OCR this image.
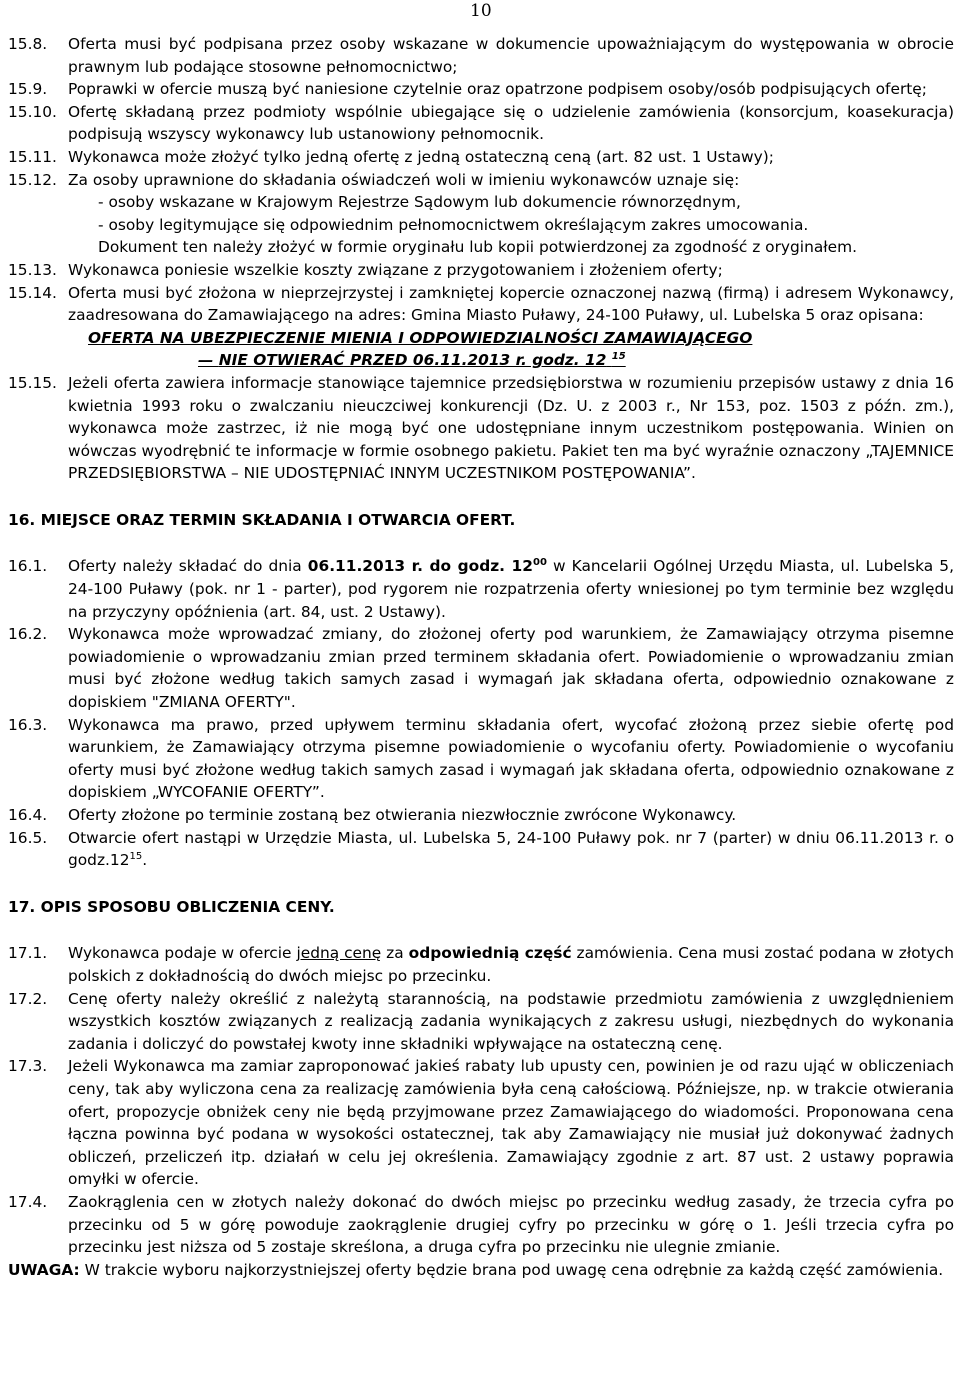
10
15.8.	Oferta musi być podpisana przez osoby wskazane w dokumencie upoważniającym do występowania w obrocie prawnym lub podające stosowne pełnomocnictwo;
15.9.	Poprawki w ofercie muszą być naniesione czytelnie oraz opatrzone podpisem osoby/osób podpisujących ofertę;
15.10. Ofertę składaną przez podmioty wspólnie ubiegające się o udzielenie zamówienia (konsorcjum, koasekuracja) podpisują wszyscy wykonawcy lub ustanowiony pełnomocnik.
15.11. Wykonawca może złożyć tylko jedną ofertę z jedną ostateczną ceną (art. 82 ust. 1 Ustawy);
15.12. Za osoby uprawnione do składania oświadczeń woli w imieniu wykonawców uznaje się:
- osoby wskazane w Krajowym Rejestrze Sądowym lub dokumencie równorzędnym,
- osoby legitymujące się odpowiednim pełnomocnictwem określającym zakres umocowania.
Dokument ten należy złożyć w formie oryginału lub kopii potwierdzonej za zgodność z oryginałem.
15.13. Wykonawca poniesie wszelkie koszty związane z przygotowaniem i złożeniem oferty;
15.14. Oferta musi być złożona w nieprzejrzystej i zamkniętej kopercie oznaczonej nazwą (firmą) i adresem Wykonawcy, zaadresowana do Zamawiającego na adres: Gmina Miasto Puławy, 24-100 Puławy, ul. Lubelska 5 oraz opisana:
OFERTA NA UBEZPIECZENIE MIENIA I ODPOWIEDZIALNOŚCI ZAMAWIAJĄCEGO
— NIE OTWIERAĆ PRZED 06.11.2013 r. godz. 12 $^{15}$
15.15. Jeżeli oferta zawiera informacje stanowiące tajemnice przedsiębiorstwa w rozumieniu przepisów ustawy z dnia 16 kwietnia 1993 roku o zwalczaniu nieuczciwej konkurencji (Dz. U. z 2003 r., Nr 153, poz. 1503 z późn. zm.), wykonawca może zastrzec, iż nie mogą być one udostępniane innym uczestnikom postępowania. Winien on wówczas wyodrębnić te informacje w formie osobnego pakietu. Pakiet ten ma być wyraźnie oznaczony „TAJEMNICE PRZEDSIĘBIORSTWA – NIE UDOSTĘPNIAĆ INNYM UCZESTNIKOM POSTĘPOWANIA”.
16. MIEJSCE ORAZ TERMIN SKŁADANIA I OTWARCIA OFERT.
16.1.	Oferty należy składać do dnia 06.11.2013 r. do godz. $12^{00}$ w Kancelarii Ogólnej Urzędu Miasta, ul. Lubelska 5, 24-100 Puławy (pok. nr 1 - parter), pod rygorem nie rozpatrzenia oferty wniesionej po tym terminie bez względu na przyczyny opóźnienia (art. 84, ust. 2 Ustawy).
16.2.	Wykonawca może wprowadzać zmiany, do złożonej oferty pod warunkiem, że Zamawiający otrzyma pisemne powiadomienie o wprowadzaniu zmian przed terminem składania ofert. Powiadomienie o wprowadzaniu zmian musi być złożone według takich samych zasad i wymagań jak składana oferta, odpowiednio oznakowane z dopiskiem "ZMIANA OFERTY".
16.3.	Wykonawca ma prawo, przed upływem terminu składania ofert, wycofać złożoną przez siebie ofertę pod warunkiem, że Zamawiający otrzyma pisemne powiadomienie o wycofaniu oferty. Powiadomienie o wycofaniu oferty musi być złożone według takich samych zasad i wymagań jak składana oferta, odpowiednio oznakowane z dopiskiem „WYCOFANIE OFERTY”.
16.4.	Oferty złożone po terminie zostaną bez otwierania niezwłocznie zwrócone Wykonawcy.
16.5.	Otwarcie ofert nastąpi w Urzędzie Miasta, ul. Lubelska 5, 24-100 Puławy pok. nr 7 (parter) w dniu 06.11.2013 r. o $godz.12^{15}$.
17. OPIS SPOSOBU OBLICZENIA CENY.
17.1.	Wykonawca podaje w ofercie jedną cenę za odpowiednią część zamówienia. Cena musi zostać podana w złotych polskich z dokładnością do dwóch miejsc po przecinku.
17.2.	Cenę oferty należy określić z należytą starannością, na podstawie przedmiotu zamówienia z uwzględnieniem wszystkich kosztów związanych z realizacją zadania wynikających z zakresu usługi, niezbędnych do wykonania zadania i doliczyć do powstałej kwoty inne składniki wpływające na ostateczną cenę.
17.3.	Jeżeli Wykonawca ma zamiar zaproponować jakieś rabaty lub upusty cen, powinien je od razu ująć w obliczeniach ceny, tak aby wyliczona cena za realizację zamówienia była ceną całościową. Późniejsze, np. w trakcie otwierania ofert, propozycje obniżek ceny nie będą przyjmowane przez Zamawiającego do wiadomości. Proponowana cena łączna powinna być podana w wysokości ostatecznej, tak aby Zamawiający nie musiał już dokonywać żadnych obliczeń, przeliczeń itp. działań w celu jej określenia. Zamawiający zgodnie z art. 87 ust. 2 ustawy poprawia omyłki w ofercie.
17.4.	Zaokrąglenia cen w złotych należy dokonać do dwóch miejsc po przecinku według zasady, że trzecia cyfra po przecinku od 5 w górę powoduje zaokrąglenie drugiej cyfry po przecinku w górę o 1. Jeśli trzecia cyfra po przecinku jest niższa od 5 zostaje skreślona, a druga cyfra po przecinku nie ulegnie zmianie.
UWAGA: W trakcie wyboru najkorzystniejszej oferty będzie brana pod uwagę cena odrębnie za każdą część zamówienia.
